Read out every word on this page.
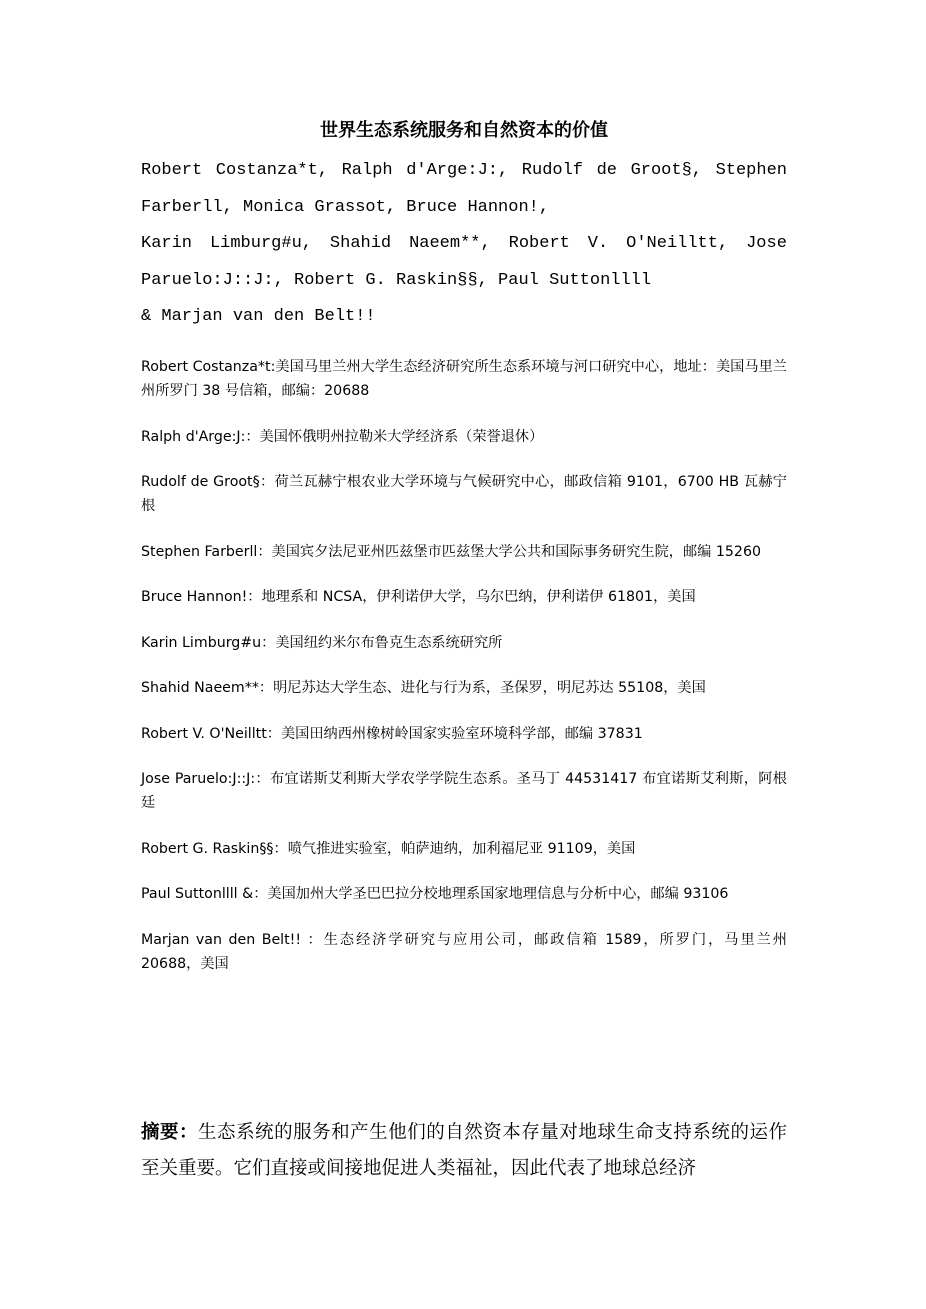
世界生态系统服务和自然资本的价值
Robert Costanza*t, Ralph d'Arge:J:, Rudolf de Groot§, Stephen
Farberll, Monica Grassot, Bruce Hannon!,
Karin Limburg#u, Shahid Naeem**, Robert V. O'Neilltt, Jose
Paruelo:J::J:, Robert G. Raskin§§, Paul Suttonllll
& Marjan van den Belt!!
Robert Costanza*t:美国马里兰州大学生态经济研究所生态系环境与河口研究中心，地址：美国马里兰州所罗门 38 号信箱，邮编：20688
Ralph d'Arge:J:：美国怀俄明州拉勒米大学经济系（荣誉退休）
Rudolf de Groot§：荷兰瓦赫宁根农业大学环境与气候研究中心，邮政信箱 9101，6700 HB 瓦赫宁根
Stephen Farberll：美国宾夕法尼亚州匹兹堡市匹兹堡大学公共和国际事务研究生院，邮编 15260
Bruce Hannon!：地理系和 NCSA，伊利诺伊大学，乌尔巴纳，伊利诺伊 61801，美国
Karin Limburg#u：美国纽约米尔布鲁克生态系统研究所
Shahid Naeem**：明尼苏达大学生态、进化与行为系，圣保罗，明尼苏达 55108，美国
Robert V. O'Neilltt：美国田纳西州橡树岭国家实验室环境科学部，邮编 37831
Jose Paruelo:J::J:：布宜诺斯艾利斯大学农学学院生态系。圣马丁 44531417 布宜诺斯艾利斯，阿根廷
Robert G. Raskin§§：喷气推进实验室，帕萨迪纳，加利福尼亚 91109，美国
Paul Suttonllll &：美国加州大学圣巴巴拉分校地理系国家地理信息与分析中心，邮编 93106
Marjan van den Belt!! ：生态经济学研究与应用公司，邮政信箱 1589，所罗门，马里兰州 20688，美国
摘要：生态系统的服务和产生他们的自然资本存量对地球生命支持系统的运作至关重要。它们直接或间接地促进人类福祉，因此代表了地球总经济
